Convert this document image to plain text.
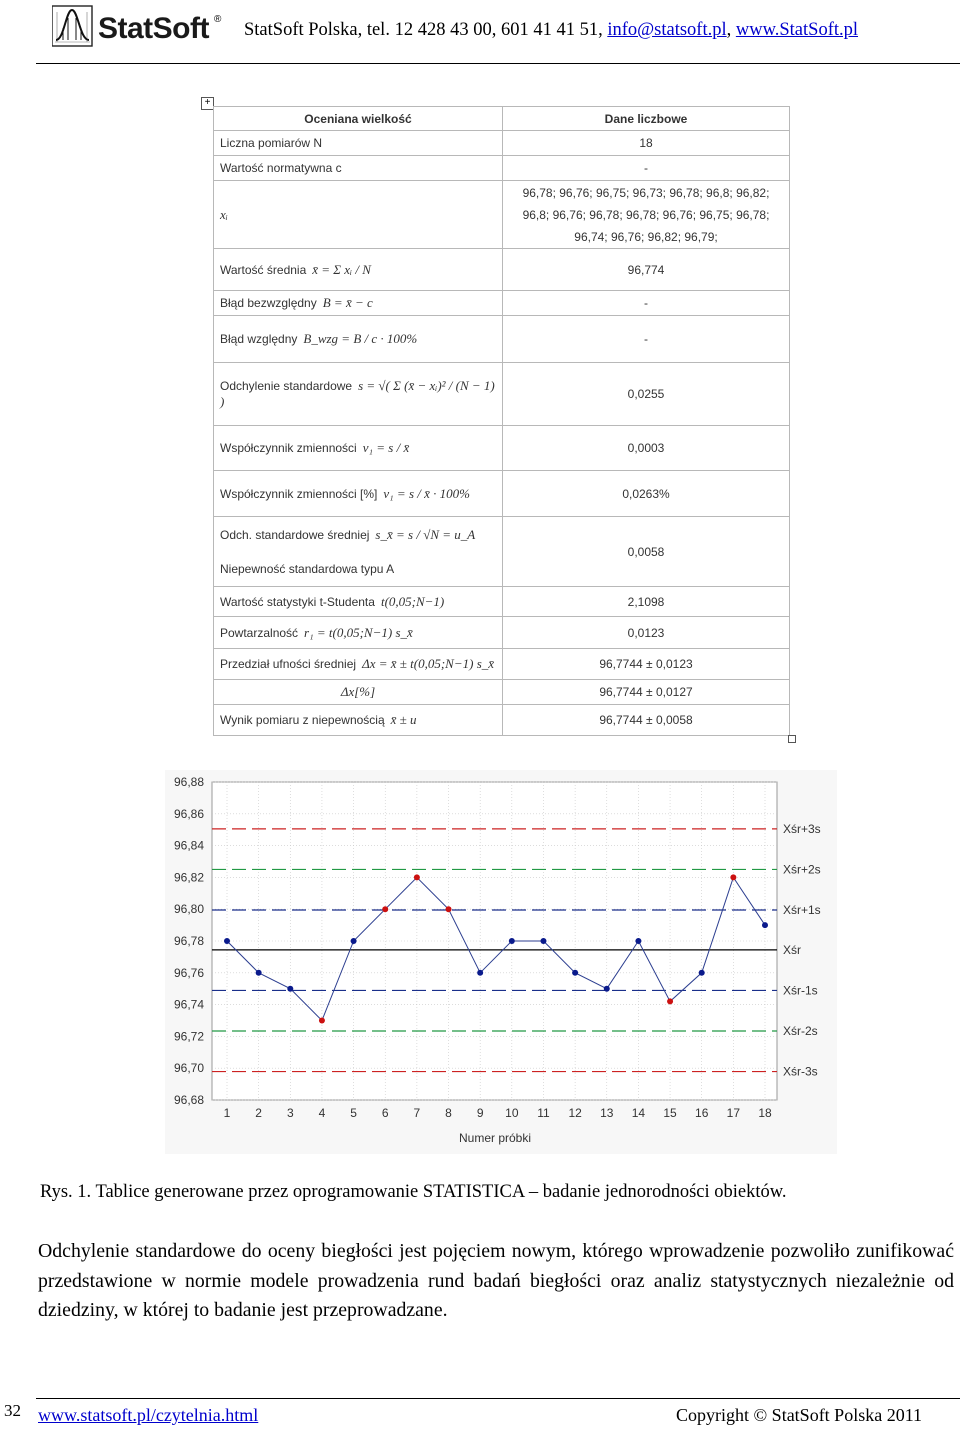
StatSoft ®
StatSoft Polska, tel. 12 428 43 00, 601 41 41 51, info@statsoft.pl, www.StatSoft.pl
+
Oceniana wielkość	Dane liczbowe
Liczna pomiarów N	18
Wartość normatywna c	-
xᵢ	96,78; 96,76; 96,75; 96,73; 96,78; 96,8; 96,82; 96,8; 96,76; 96,78; 96,78; 96,76; 96,75; 96,78; 96,74; 96,76; 96,82; 96,79;
Wartość średnia x̄ = Σ xᵢ / N	96,774
Błąd bezwzględny B = x̄ − c	-
Błąd względny B_wzg = B / c · 100%	-
Odchylenie standardowe s = √( Σ (x̄ − xᵢ)² / (N − 1) )	0,0255
Współczynnik zmienności v₁ = s / x̄	0,0003
Współczynnik zmienności [%] v₁ = s / x̄ · 100%	0,0263%
Odch. standardowe średniej s_x̄ = s / √N = u_A
Niepewność standardowa typu A	0,0058
Wartość statystyki t-Studenta t(0,05;N−1)	2,1098
Powtarzalność r₁ = t(0,05;N−1) s_x̄	0,0123
Przedział ufności średniej Δx = x̄ ± t(0,05;N−1) s_x̄	96,7744 ± 0,0123
Δx[%]	96,7744 ± 0,0127
Wynik pomiaru z niepewnością x̄ ± u	96,7744 ± 0,0058
Xśr+3s
Xśr+2s
Xśr+1s
Xśr
Xśr-1s
Xśr-2s
Xśr-3s
96,68
96,70
96,72
96,74
96,76
96,78
96,80
96,82
96,84
96,86
96,88
1 2 3 4 5 6 7 8 9 10 11 12 13 14 15 16 17 18
Numer próbki
Rys. 1. Tablice generowane przez oprogramowanie STATISTICA – badanie jednorodności obiektów.
Odchylenie standardowe do oceny biegłości jest pojęciem nowym, którego wprowadzenie pozwoliło zunifikować przedstawione w normie modele prowadzenia rund badań biegłości oraz analiz statystycznych niezależnie od dziedziny, w której to badanie jest przeprowadzane.
32 www.statsoft.pl/czytelnia.html	Copyright © StatSoft Polska 2011
